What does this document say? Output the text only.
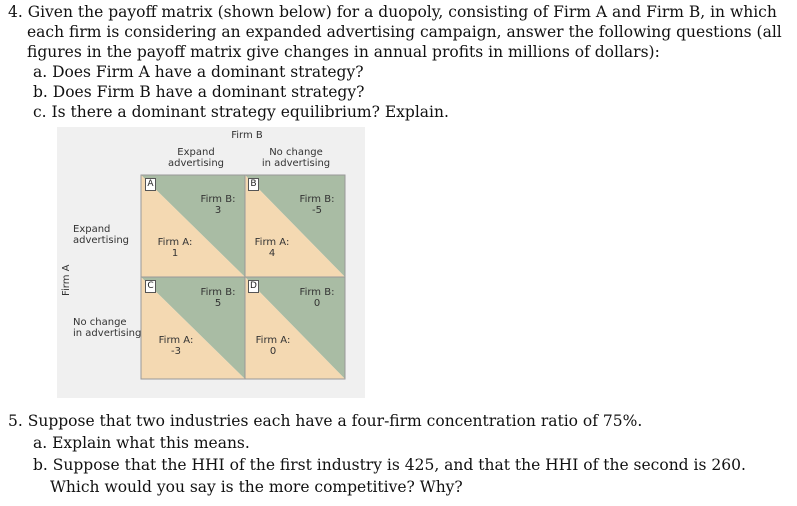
4. Given the payoff matrix (shown below) for a duopoly, consisting of Firm A and Firm B, in which each firm is considering an expanded advertising campaign, answer the following questions (all figures in the payoff matrix give changes in annual profits in millions of dollars):
a. Does Firm A have a dominant strategy?
b. Does Firm B have a dominant strategy?
c. Is there a dominant strategy equilibrium? Explain.
Firm B
Expand
advertising
No change
in advertising
Expand
advertising
No change
in advertising
Firm A
A
Firm B:
3
Firm A:
1
B
Firm B:
-5
Firm A:
4
C
Firm B:
5
Firm A:
-3
D
Firm B:
0
Firm A:
0
5. Suppose that two industries each have a four-firm concentration ratio of 75%.
a. Explain what this means.
b. Suppose that the HHI of the first industry is 425, and that the HHI of the second is 260. Which would you say is the more competitive? Why?
